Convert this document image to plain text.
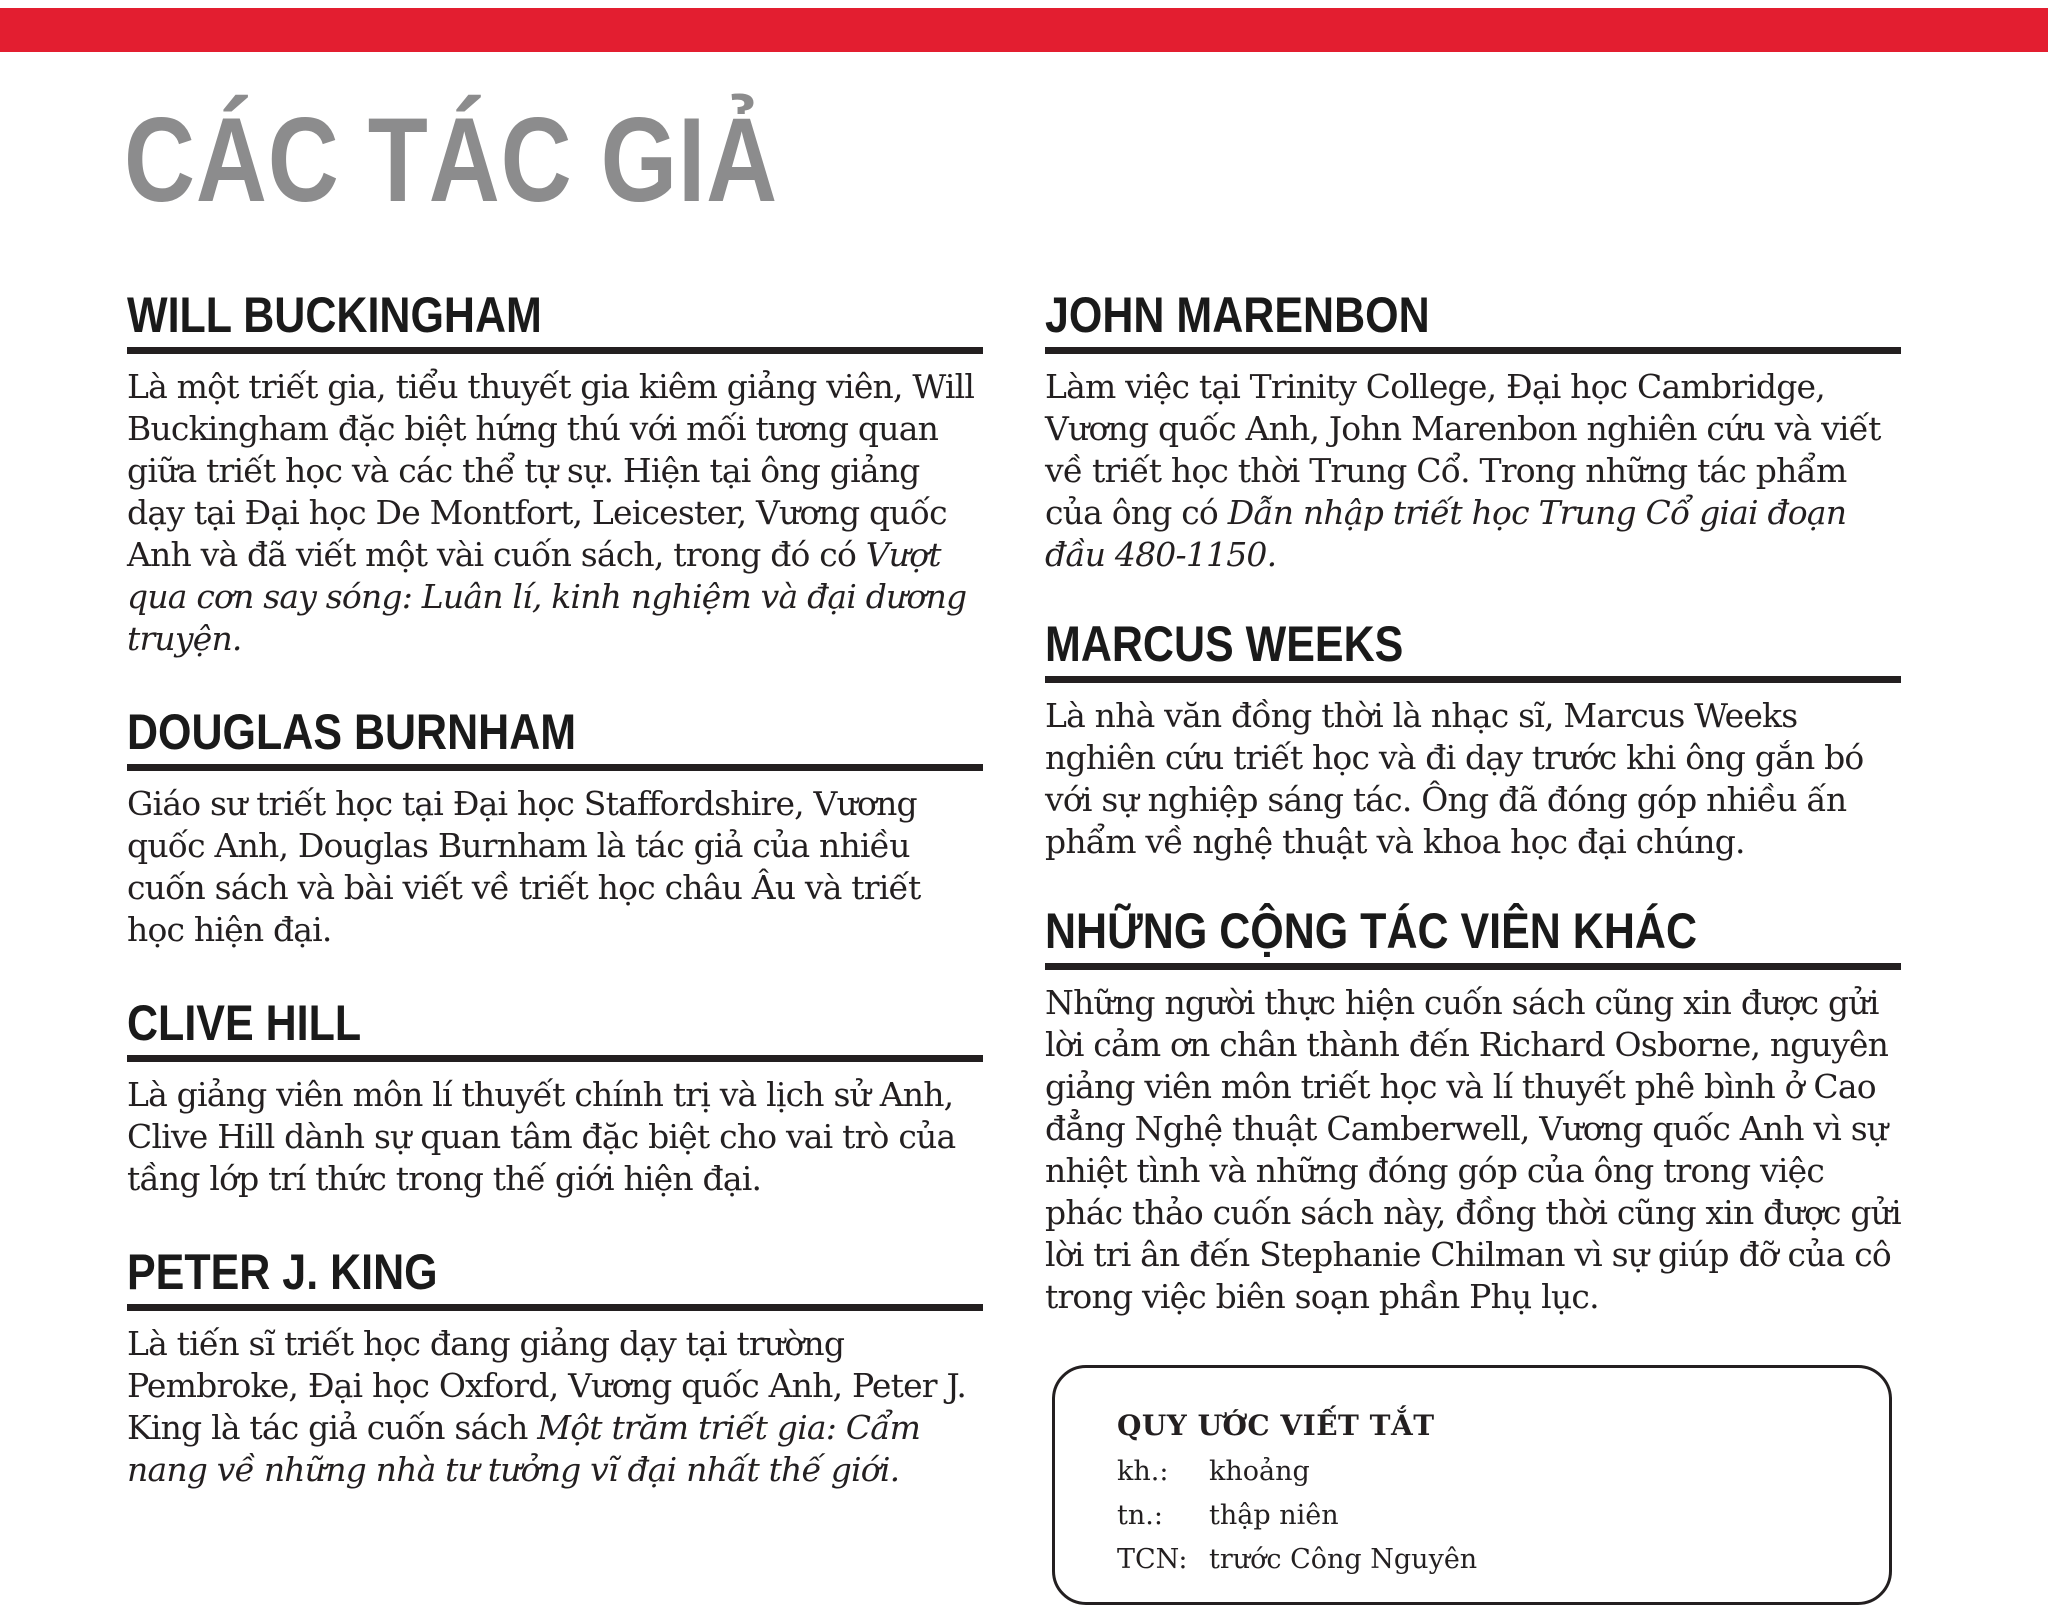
CÁC TÁC GIẢ
WILL BUCKINGHAM

Là một triết gia, tiểu thuyết gia kiêm giảng viên, Will Buckingham đặc biệt hứng thú với mối tương quan giữa triết học và các thể tự sự. Hiện tại ông giảng dạy tại Đại học De Montfort, Leicester, Vương quốc Anh và đã viết một vài cuốn sách, trong đó có Vượt qua cơn say sóng: Luân lí, kinh nghiệm và đại dương truyện.

DOUGLAS BURNHAM

Giáo sư triết học tại Đại học Staffordshire, Vương quốc Anh, Douglas Burnham là tác giả của nhiều cuốn sách và bài viết về triết học châu Âu và triết học hiện đại.

CLIVE HILL

Là giảng viên môn lí thuyết chính trị và lịch sử Anh, Clive Hill dành sự quan tâm đặc biệt cho vai trò của tầng lớp trí thức trong thế giới hiện đại.

PETER J. KING

Là tiến sĩ triết học đang giảng dạy tại trường Pembroke, Đại học Oxford, Vương quốc Anh, Peter J. King là tác giả cuốn sách Một trăm triết gia: Cẩm nang về những nhà tư tưởng vĩ đại nhất thế giới.

JOHN MARENBON

Làm việc tại Trinity College, Đại học Cambridge, Vương quốc Anh, John Marenbon nghiên cứu và viết về triết học thời Trung Cổ. Trong những tác phẩm của ông có Dẫn nhập triết học Trung Cổ giai đoạn đầu 480-1150.

MARCUS WEEKS

Là nhà văn đồng thời là nhạc sĩ, Marcus Weeks nghiên cứu triết học và đi dạy trước khi ông gắn bó với sự nghiệp sáng tác. Ông đã đóng góp nhiều ấn phẩm về nghệ thuật và khoa học đại chúng.

NHỮNG CỘNG TÁC VIÊN KHÁC

Những người thực hiện cuốn sách cũng xin được gửi lời cảm ơn chân thành đến Richard Osborne, nguyên giảng viên môn triết học và lí thuyết phê bình ở Cao đẳng Nghệ thuật Camberwell, Vương quốc Anh vì sự nhiệt tình và những đóng góp của ông trong việc phác thảo cuốn sách này, đồng thời cũng xin được gửi lời tri ân đến Stephanie Chilman vì sự giúp đỡ của cô trong việc biên soạn phần Phụ lục.

QUY ƯỚC VIẾT TẮT

kh.:	khoảng
tn.:	thập niên
TCN: trước Công Nguyên
